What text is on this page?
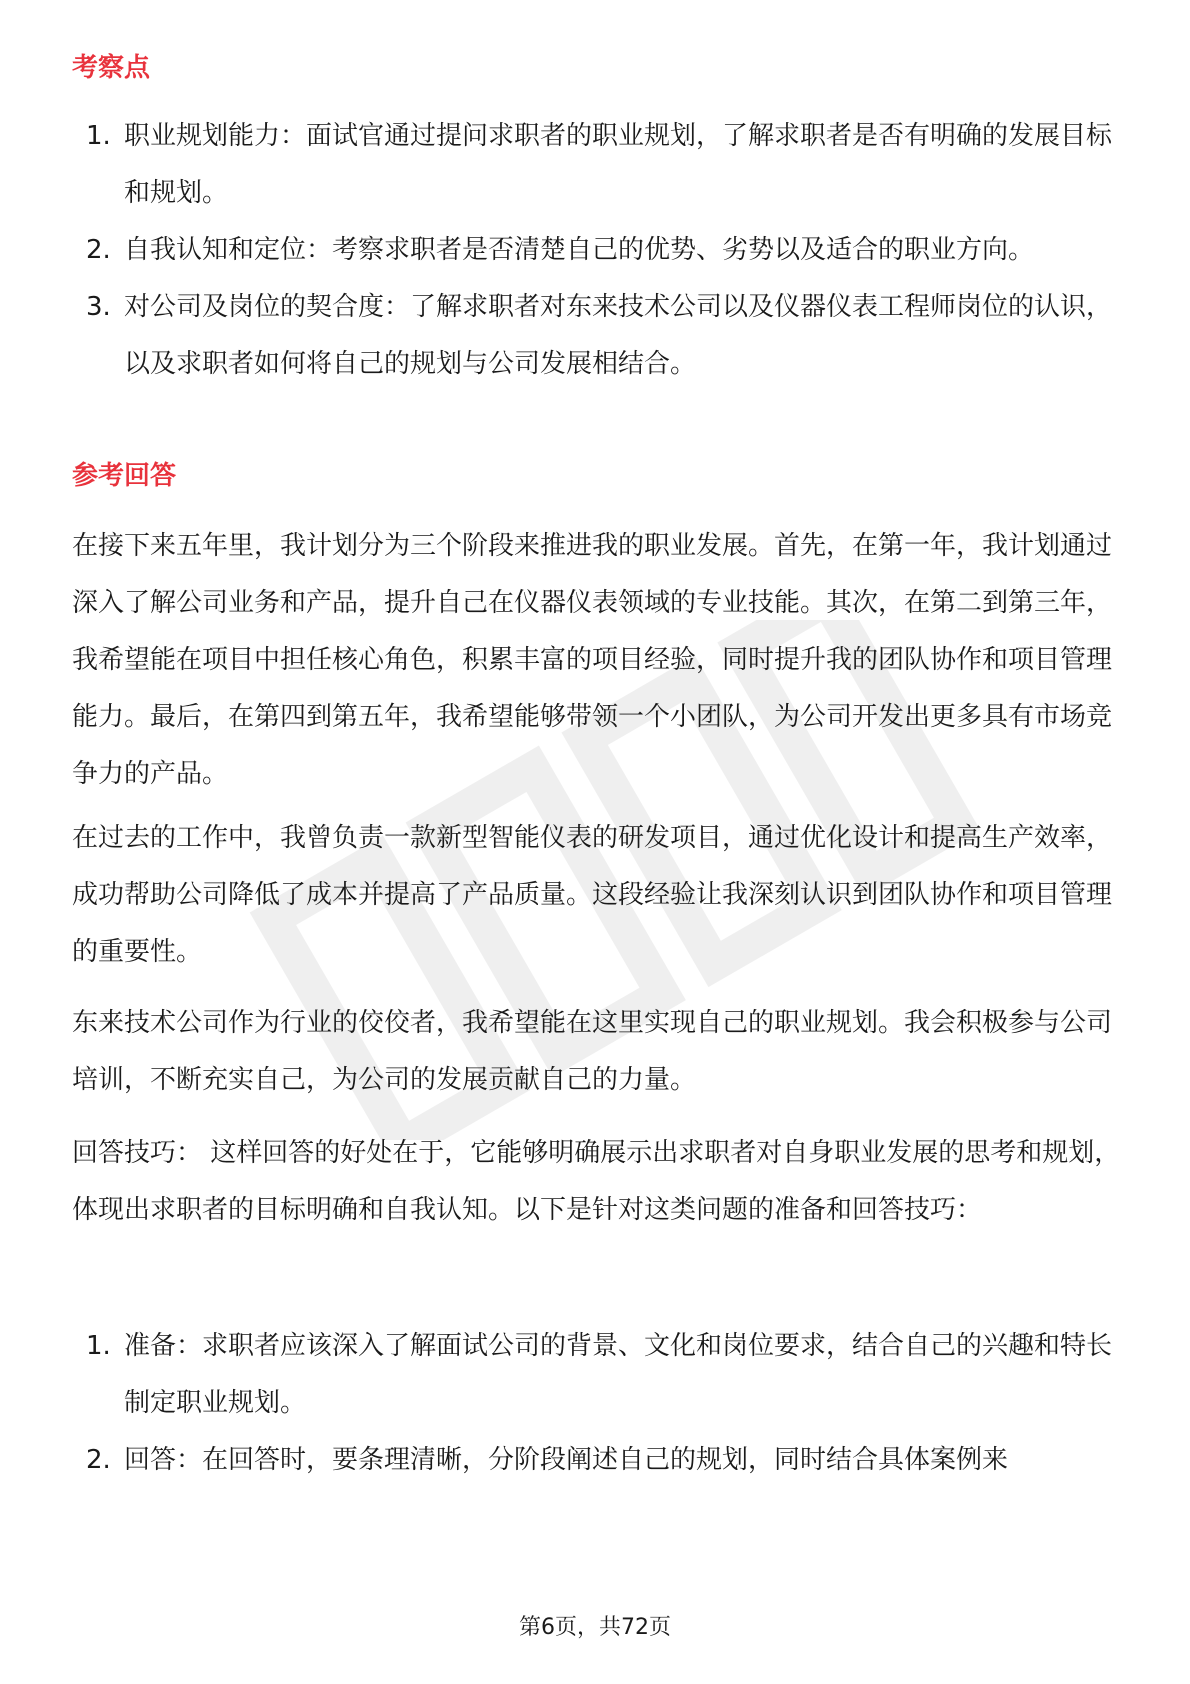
考察点
1. 职业规划能力：面试官通过提问求职者的职业规划，了解求职者是否有明确的发展目标和规划。
2. 自我认知和定位：考察求职者是否清楚自己的优势、劣势以及适合的职业方向。
3. 对公司及岗位的契合度：了解求职者对东来技术公司以及仪器仪表工程师岗位的认识，以及求职者如何将自己的规划与公司发展相结合。
参考回答

在接下来五年里，我计划分为三个阶段来推进我的职业发展。首先，在第一年，我计划通过深入了解公司业务和产品，提升自己在仪器仪表领域的专业技能。其次，在第二到第三年，我希望能在项目中担任核心角色，积累丰富的项目经验，同时提升我的团队协作和项目管理能力。最后，在第四到第五年，我希望能够带领一个小团队，为公司开发出更多具有市场竞争力的产品。

在过去的工作中，我曾负责一款新型智能仪表的研发项目，通过优化设计和提高生产效率，成功帮助公司降低了成本并提高了产品质量。这段经验让我深刻认识到团队协作和项目管理的重要性。

东来技术公司作为行业的佼佼者，我希望能在这里实现自己的职业规划。我会积极参与公司培训，不断充实自己，为公司的发展贡献自己的力量。

回答技巧： 这样回答的好处在于，它能够明确展示出求职者对自身职业发展的思考和规划，体现出求职者的目标明确和自我认知。以下是针对这类问题的准备和回答技巧：

1. 准备：求职者应该深入了解面试公司的背景、文化和岗位要求，结合自己的兴趣和特长制定职业规划。
2. 回答：在回答时，要条理清晰，分阶段阐述自己的规划，同时结合具体案例来
第6页，共72页
